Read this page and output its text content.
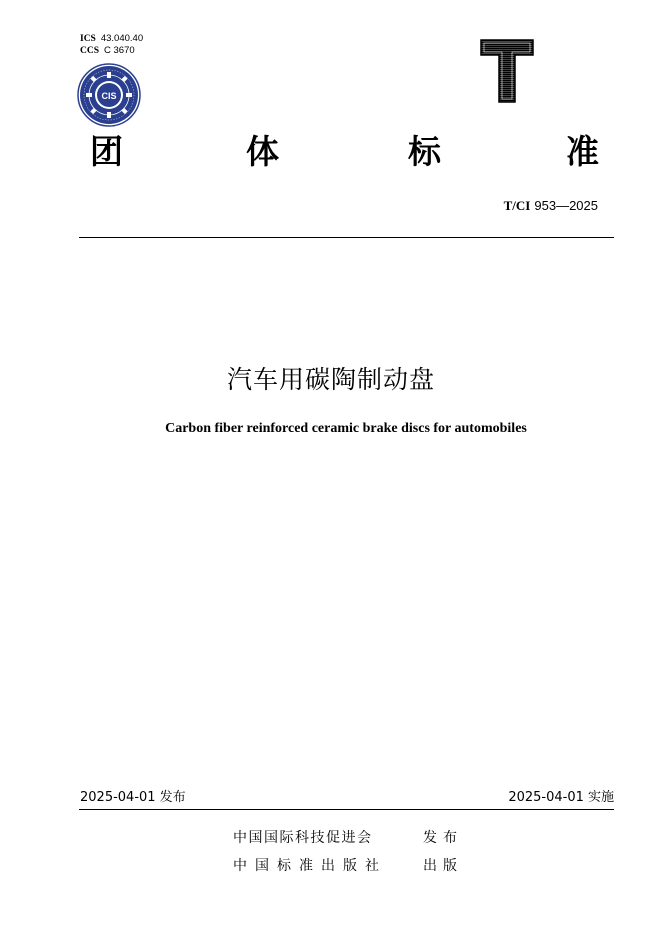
ICS 43.040.40
CCS C 3670
CIS
团	体	标	准
T/CI 953—2025
汽车用碳陶制动盘
Carbon fiber reinforced ceramic brake discs for automobiles
2025-04-01 发布	2025-04-01 实施
中国国际科技促进会	发布
中国标准出版社	出版
